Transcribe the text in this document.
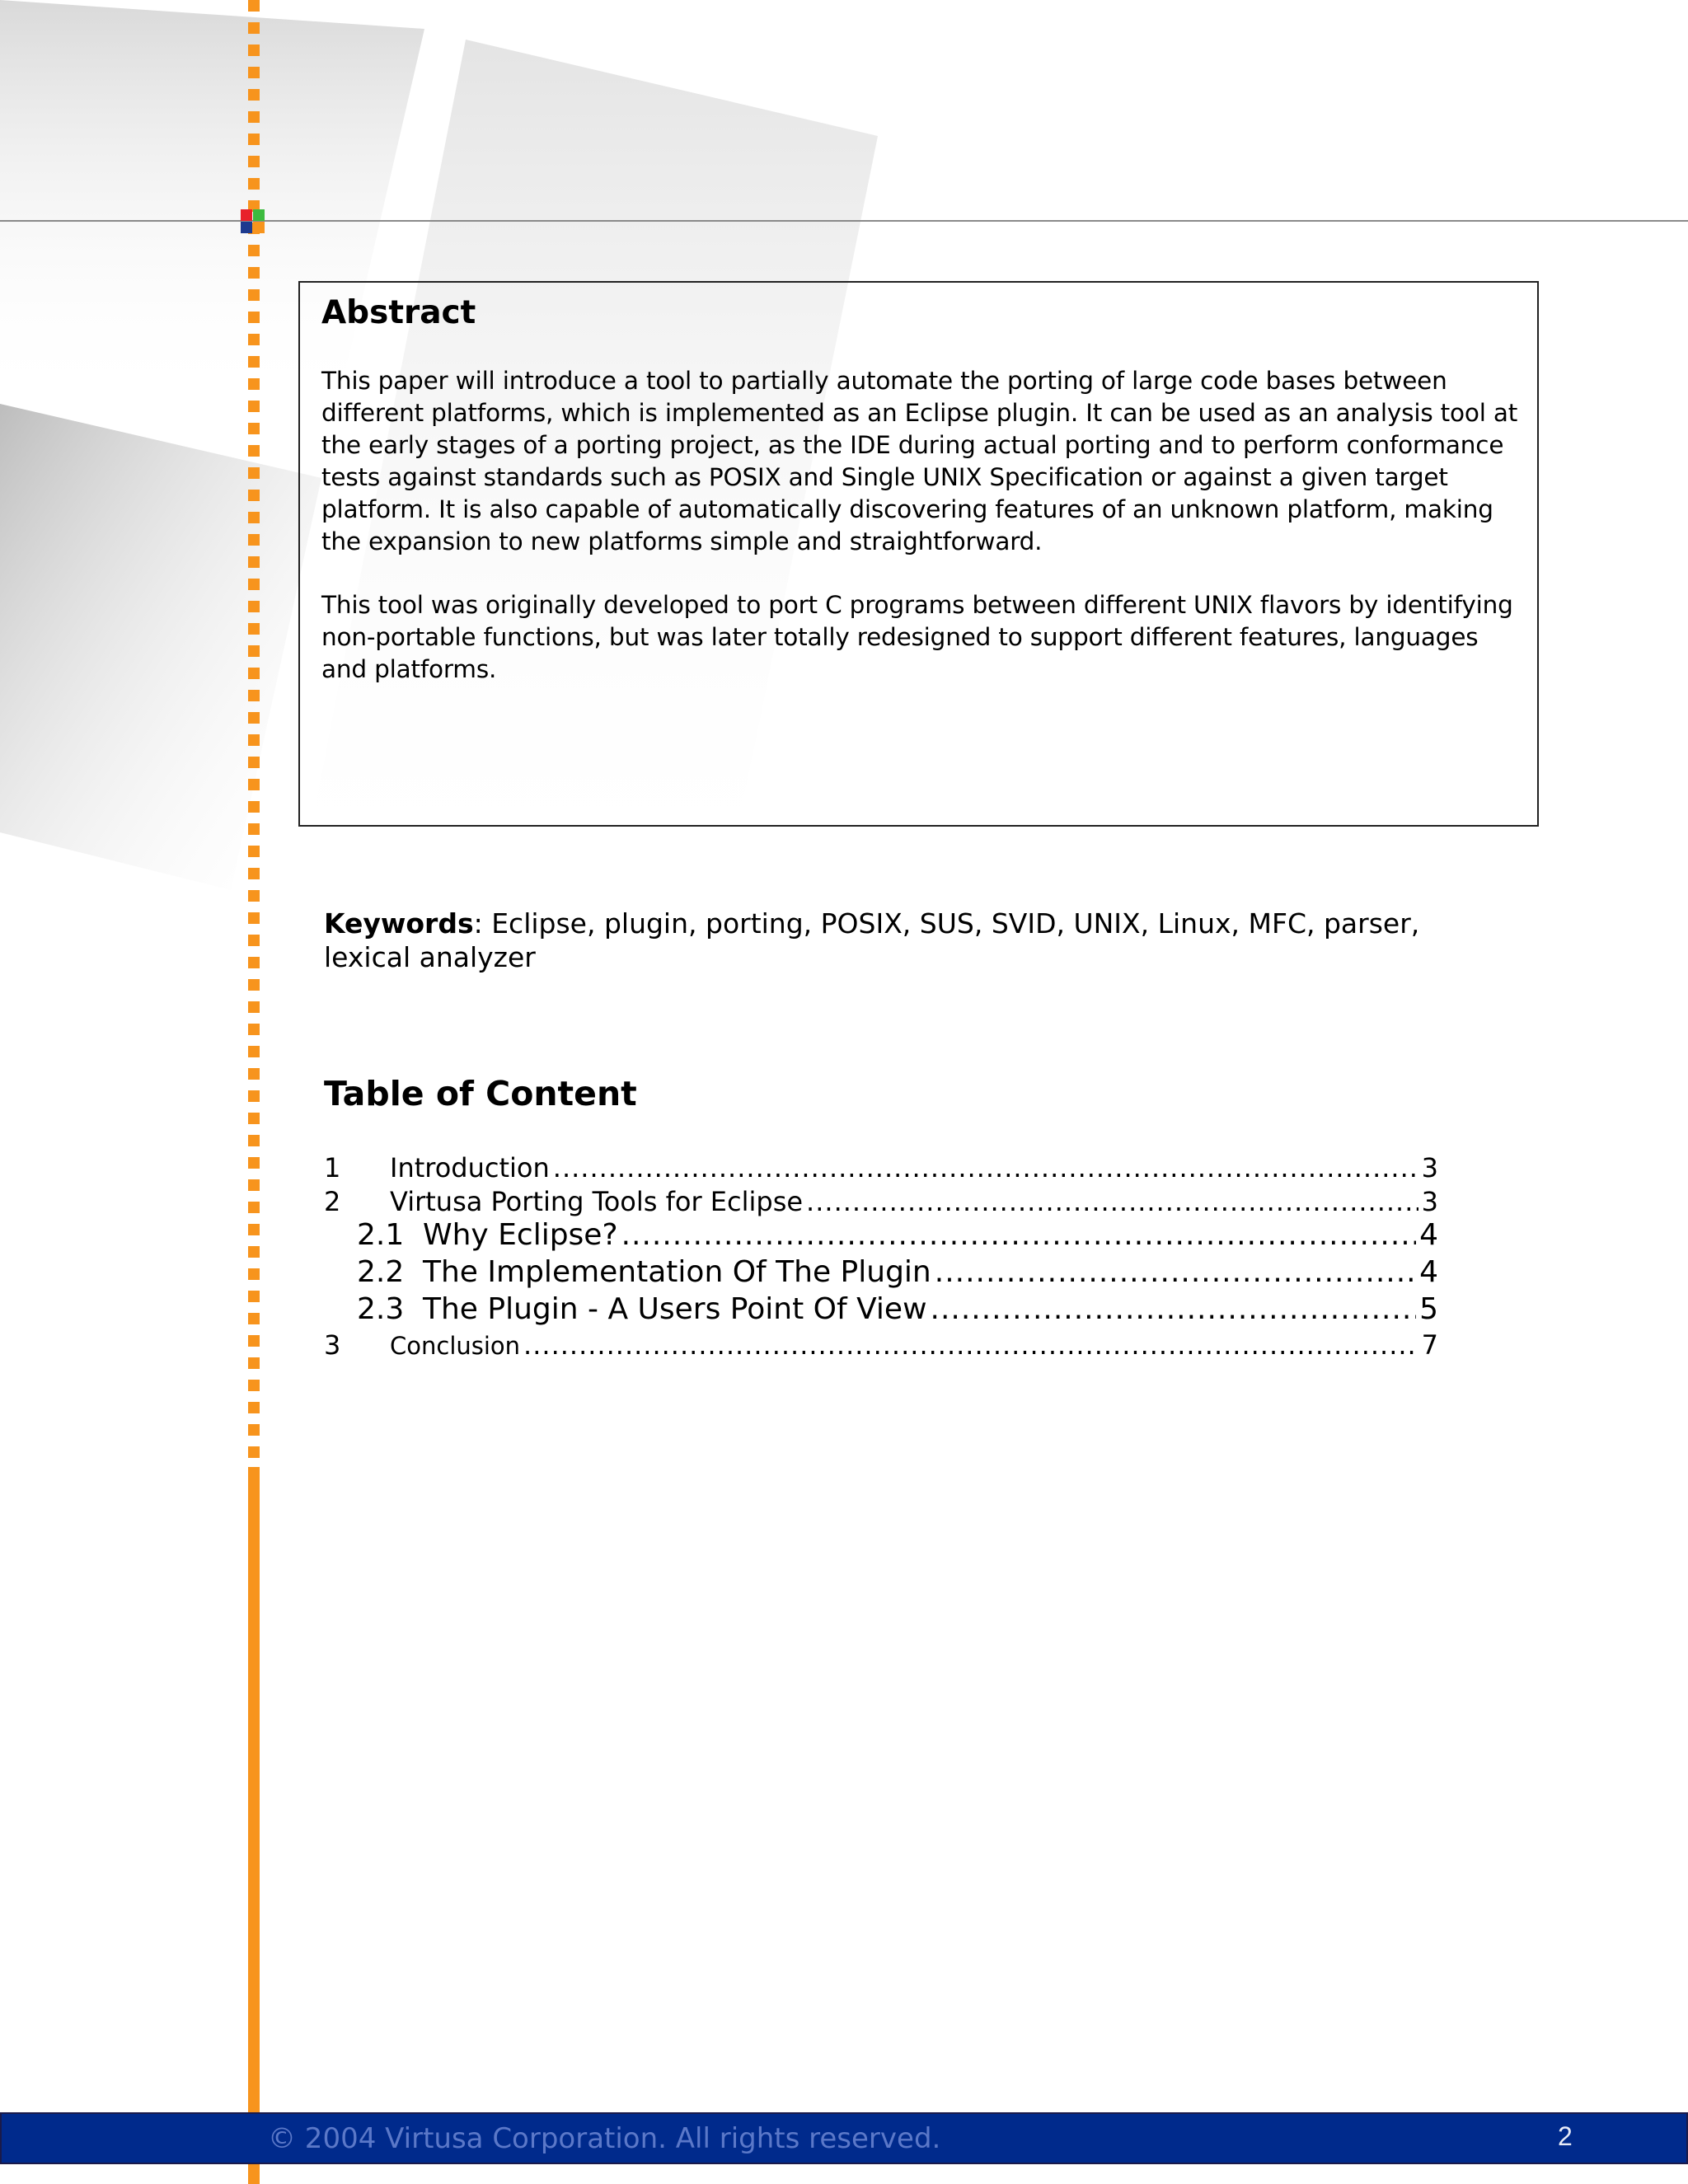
Abstract

This paper will introduce a tool to partially automate the porting of large code bases between different platforms, which is implemented as an Eclipse plugin. It can be used as an analysis tool at the early stages of a porting project, as the IDE during actual porting and to perform conformance tests against standards such as POSIX and Single UNIX Specification or against a given target platform. It is also capable of automatically discovering features of an unknown platform, making the expansion to new platforms simple and straightforward.

This tool was originally developed to port C programs between different UNIX flavors by identifying non-portable functions, but was later totally redesigned to support different features, languages and platforms.

Keywords: Eclipse, plugin, porting, POSIX, SUS, SVID, UNIX, Linux, MFC, parser, lexical analyzer
Table of Content
1	Introduction .....	3
2	Virtusa Porting Tools for Eclipse .....	3
2.1 Why Eclipse? .....	4
2.2 The Implementation Of The Plugin .....	4
2.3 The Plugin - A Users Point Of View .....	5
3	Conclusion .....	7
© 2004 Virtusa Corporation. All rights reserved.	2
